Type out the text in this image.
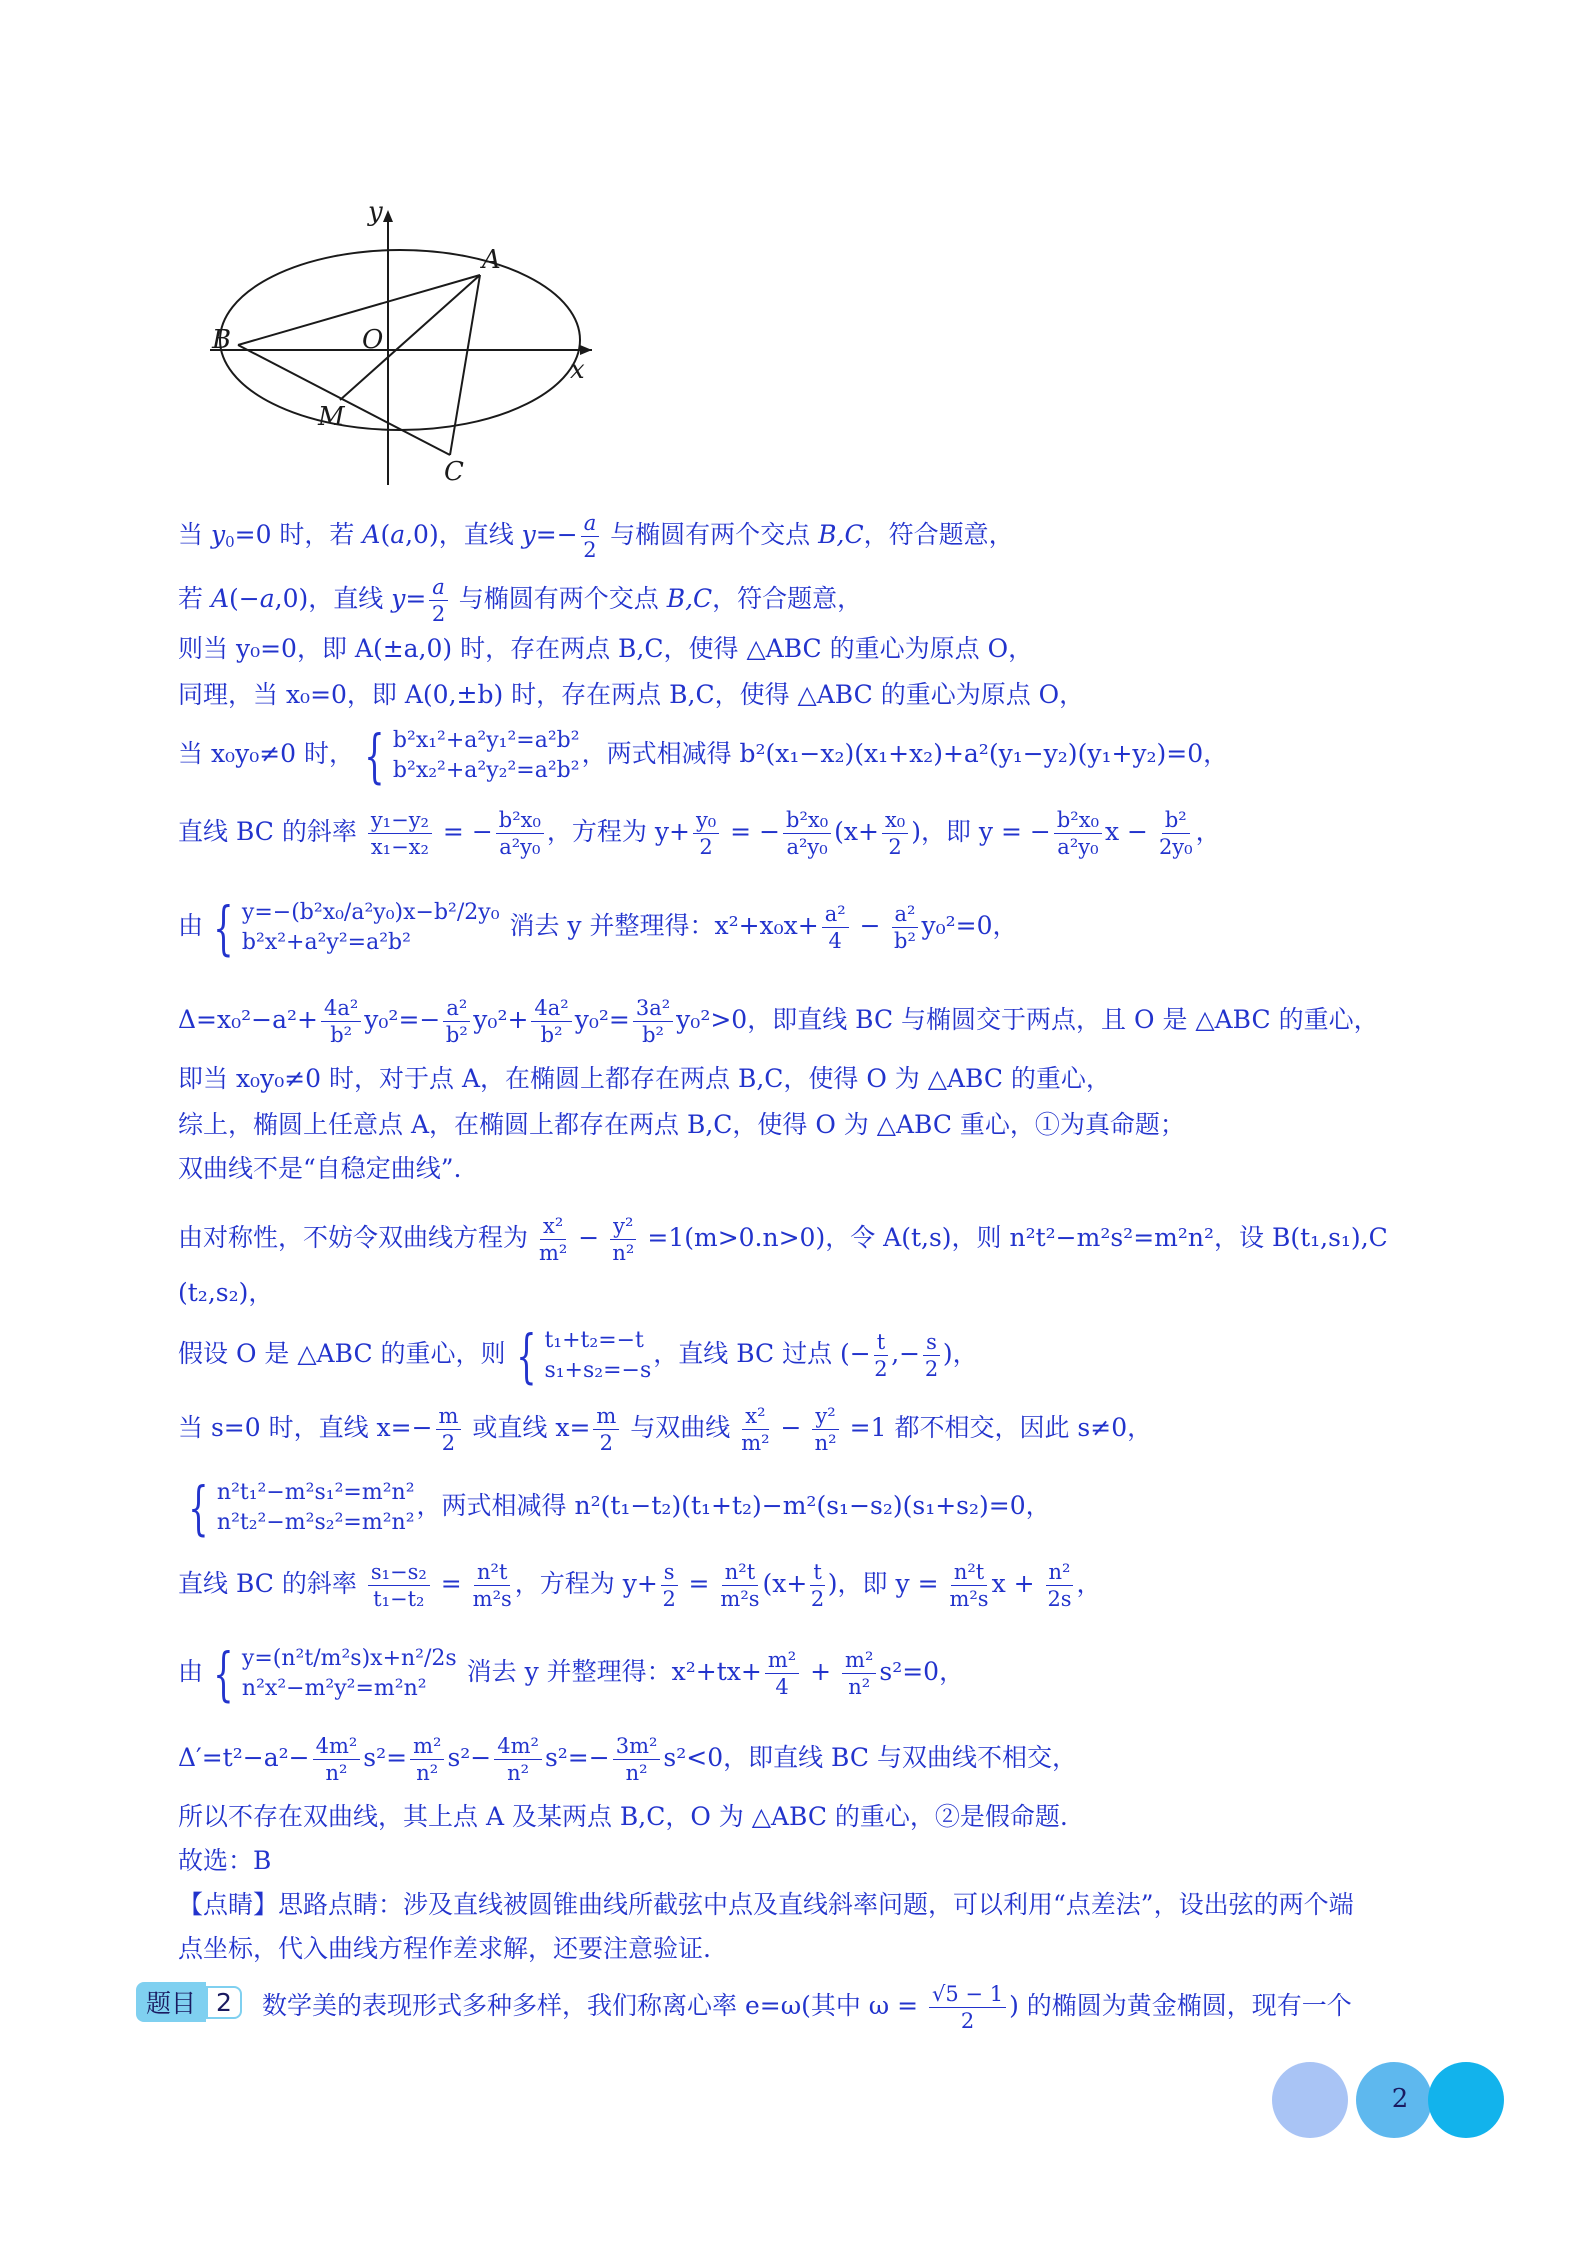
y
x
A
B	O
M
C
当 $y_0=0$ 时，若 A(a,0)，直线 $y=- \frac{a}{2}$ 与椭圆有两个交点 B,C，符合题意，
若 A(−a,0)，直线 $y= \frac{a}{2}$ 与椭圆有两个交点 B,C，符合题意，
则当 y₀=0，即 A(±a,0) 时，存在两点 B,C，使得 △ABC 的重心为原点 O，
同理，当 x₀=0，即 A(0,±b) 时，存在两点 B,C，使得 △ABC 的重心为原点 O，
当 x₀y₀≠0 时， { b²x₁²+a²y₁²=a²b²
b²x₂²+a²y₂²=a²b²
，两式相减得 b²(x₁−x₂)(x₁+x₂)+a²(y₁−y₂)(y₁+y₂)=0，
直线 BC 的斜率 $\frac{\text{y₁−y₂}}{\text{x₁−x₂}}$ = − $\frac{\text{b²x₀}}{\text{a²y₀}}$ ，方程为 $y+ \frac{\text{y₀}}{2}$ = − $\frac{\text{b²x₀}}{\text{a²y₀}} (x+ \frac{\text{x₀}}{2}$ )，即 y = − $\frac{\text{b²x₀}}{\text{a²y₀}}$ $x - \frac{\text{b²}}{\text{2y₀}}$ ，
由 { y=−(b²x₀/a²y₀)x−b²/2y₀
b²x²+a²y²=a²b²
消去 y 并整理得：$x^2+x_0x+ \frac{\text{a²}}{4} - \frac{\text{a²}}{\text{b²}} y_0^2=0$，
$\Delta=x_0^2-a^2+ \frac{\text{4a²}}{\text{b²}} y_0^2=- \frac{\text{a²}}{\text{b²}} y_0^2+ \frac{\text{4a²}}{\text{b²}} y_0^2= \frac{\text{3a²}}{\text{b²}} y_0^2>0$，即直线 BC 与椭圆交于两点，且 O 是 △ABC 的重心，
即当 x₀y₀≠0 时，对于点 A，在椭圆上都存在两点 B,C，使得 O 为 △ABC 的重心，
综上，椭圆上任意点 A，在椭圆上都存在两点 B,C，使得 O 为 △ABC 重心，①为真命题；
双曲线不是“自稳定曲线”.
由对称性，不妨令双曲线方程为 $\frac{\text{x²}}{\text{m²}} - \frac{\text{y²}}{\text{n²}} =1(m>0.n>0)$，令 A(t,s)，则 n²t²−m²s²=m²n²，设 B(t₁,s₁),C
(t₂,s₂)，
假设 O 是 △ABC 的重心，则 { t₁+t₂=−t
s₁+s₂=−s
，直线 BC 过点 (− $\frac{t}{2}$ ,− $\frac{s}{2}$ )，
当 s=0 时，直线 $x=- \frac{m}{2}$ 或直线 $x= \frac{m}{2}$ 与双曲线 $\frac{\text{x²}}{\text{m²}} - \frac{\text{y²}}{\text{n²}} =1$ 都不相交，因此 s≠0，
{ n²t₁²−m²s₁²=m²n²
n²t₂²−m²s₂²=m²n²
，两式相减得 n²(t₁−t₂)(t₁+t₂)−m²(s₁−s₂)(s₁+s₂)=0，
直线 BC 的斜率 $\frac{\text{s₁−s₂}}{\text{t₁−t₂}} = \frac{\text{n²t}}{\text{m²s}}$ ，方程为 $y+ \frac{s}{2} = \frac{\text{n²t}}{\text{m²s}} (x+ \frac{t}{2}$ )，即 $y = \frac{\text{n²t}}{\text{m²s}}$ $x + \frac{\text{n²}}{2s}$ ，
由 { y=(n²t/m²s)x+n²/2s
n²x²−m²y²=m²n²
消去 y 并整理得：$x^2+tx+ \frac{\text{m²}}{4} + \frac{\text{m²}}{\text{n²}} s^2=0$，
$\Delta'=t^2-a^2- \frac{\text{4m²}}{\text{n²}} s^2= \frac{\text{m²}}{\text{n²}} s^2- \frac{\text{4m²}}{\text{n²}} s^2=- \frac{\text{3m²}}{\text{n²}} s^2<0$，即直线 BC 与双曲线不相交，
所以不存在双曲线，其上点 A 及某两点 B,C，O 为 △ABC 的重心，②是假命题.
故选：B
【点睛】思路点睛：涉及直线被圆锥曲线所截弦中点及直线斜率问题，可以利用“点差法”，设出弦的两个端
点坐标，代入曲线方程作差求解，还要注意验证.
题目 2	数学美的表现形式多种多样，我们称离心率 e=ω(其中 $\omega = \frac{√5 - 1}{2}$ ) 的椭圆为黄金椭圆，现有一个
2
